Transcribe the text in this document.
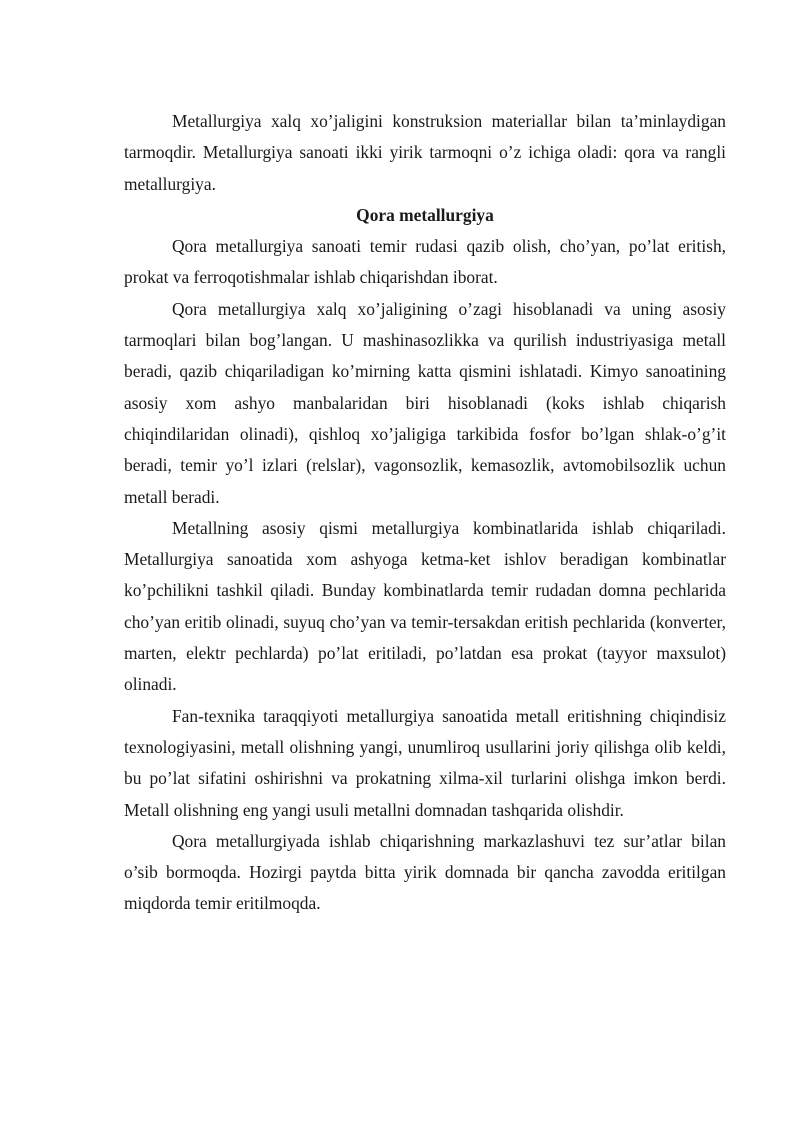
Metallurgiya xalq xo’jaligini konstruksion materiallar bilan ta’minlaydigan tarmoqdir. Metallurgiya sanoati ikki yirik tarmoqni o’z ichiga oladi: qora va rangli metallurgiya.

Qora metallurgiya

Qora metallurgiya sanoati temir rudasi qazib olish, cho’yan, po’lat eritish, prokat va ferroqotishmalar ishlab chiqarishdan iborat.

Qora metallurgiya xalq xo’jaligining o’zagi hisoblanadi va uning asosiy tarmoqlari bilan bog’langan. U mashinasozlikka va qurilish industriyasiga metall beradi, qazib chiqariladigan ko’mirning katta qismini ishlatadi. Kimyo sanoatining asosiy xom ashyo manbalaridan biri hisoblanadi (koks ishlab chiqarish chiqindilaridan olinadi), qishloq xo’jaligiga tarkibida fosfor bo’lgan shlak-o’g’it beradi, temir yo’l izlari (relslar), vagonsozlik, kemasozlik, avtomobilsozlik uchun metall beradi.

Metallning asosiy qismi metallurgiya kombinatlarida ishlab chiqariladi. Metallurgiya sanoatida xom ashyoga ketma-ket ishlov beradigan kombinatlar ko’pchilikni tashkil qiladi. Bunday kombinatlarda temir rudadan domna pechlarida cho’yan eritib olinadi, suyuq cho’yan va temir-tersakdan eritish pechlarida (konverter, marten, elektr pechlarda) po’lat eritiladi, po’latdan esa prokat (tayyor maxsulot) olinadi.

Fan-texnika taraqqiyoti metallurgiya sanoatida metall eritishning chiqindisiz texnologiyasini, metall olishning yangi, unumliroq usullarini joriy qilishga olib keldi, bu po’lat sifatini oshirishni va prokatning xilma-xil turlarini olishga imkon berdi. Metall olishning eng yangi usuli metallni domnadan tashqarida olishdir.

Qora metallurgiyada ishlab chiqarishning markazlashuvi tez sur’atlar bilan o’sib bormoqda. Hozirgi paytda bitta yirik domnada bir qancha zavodda eritilgan miqdorda temir eritilmoqda.
